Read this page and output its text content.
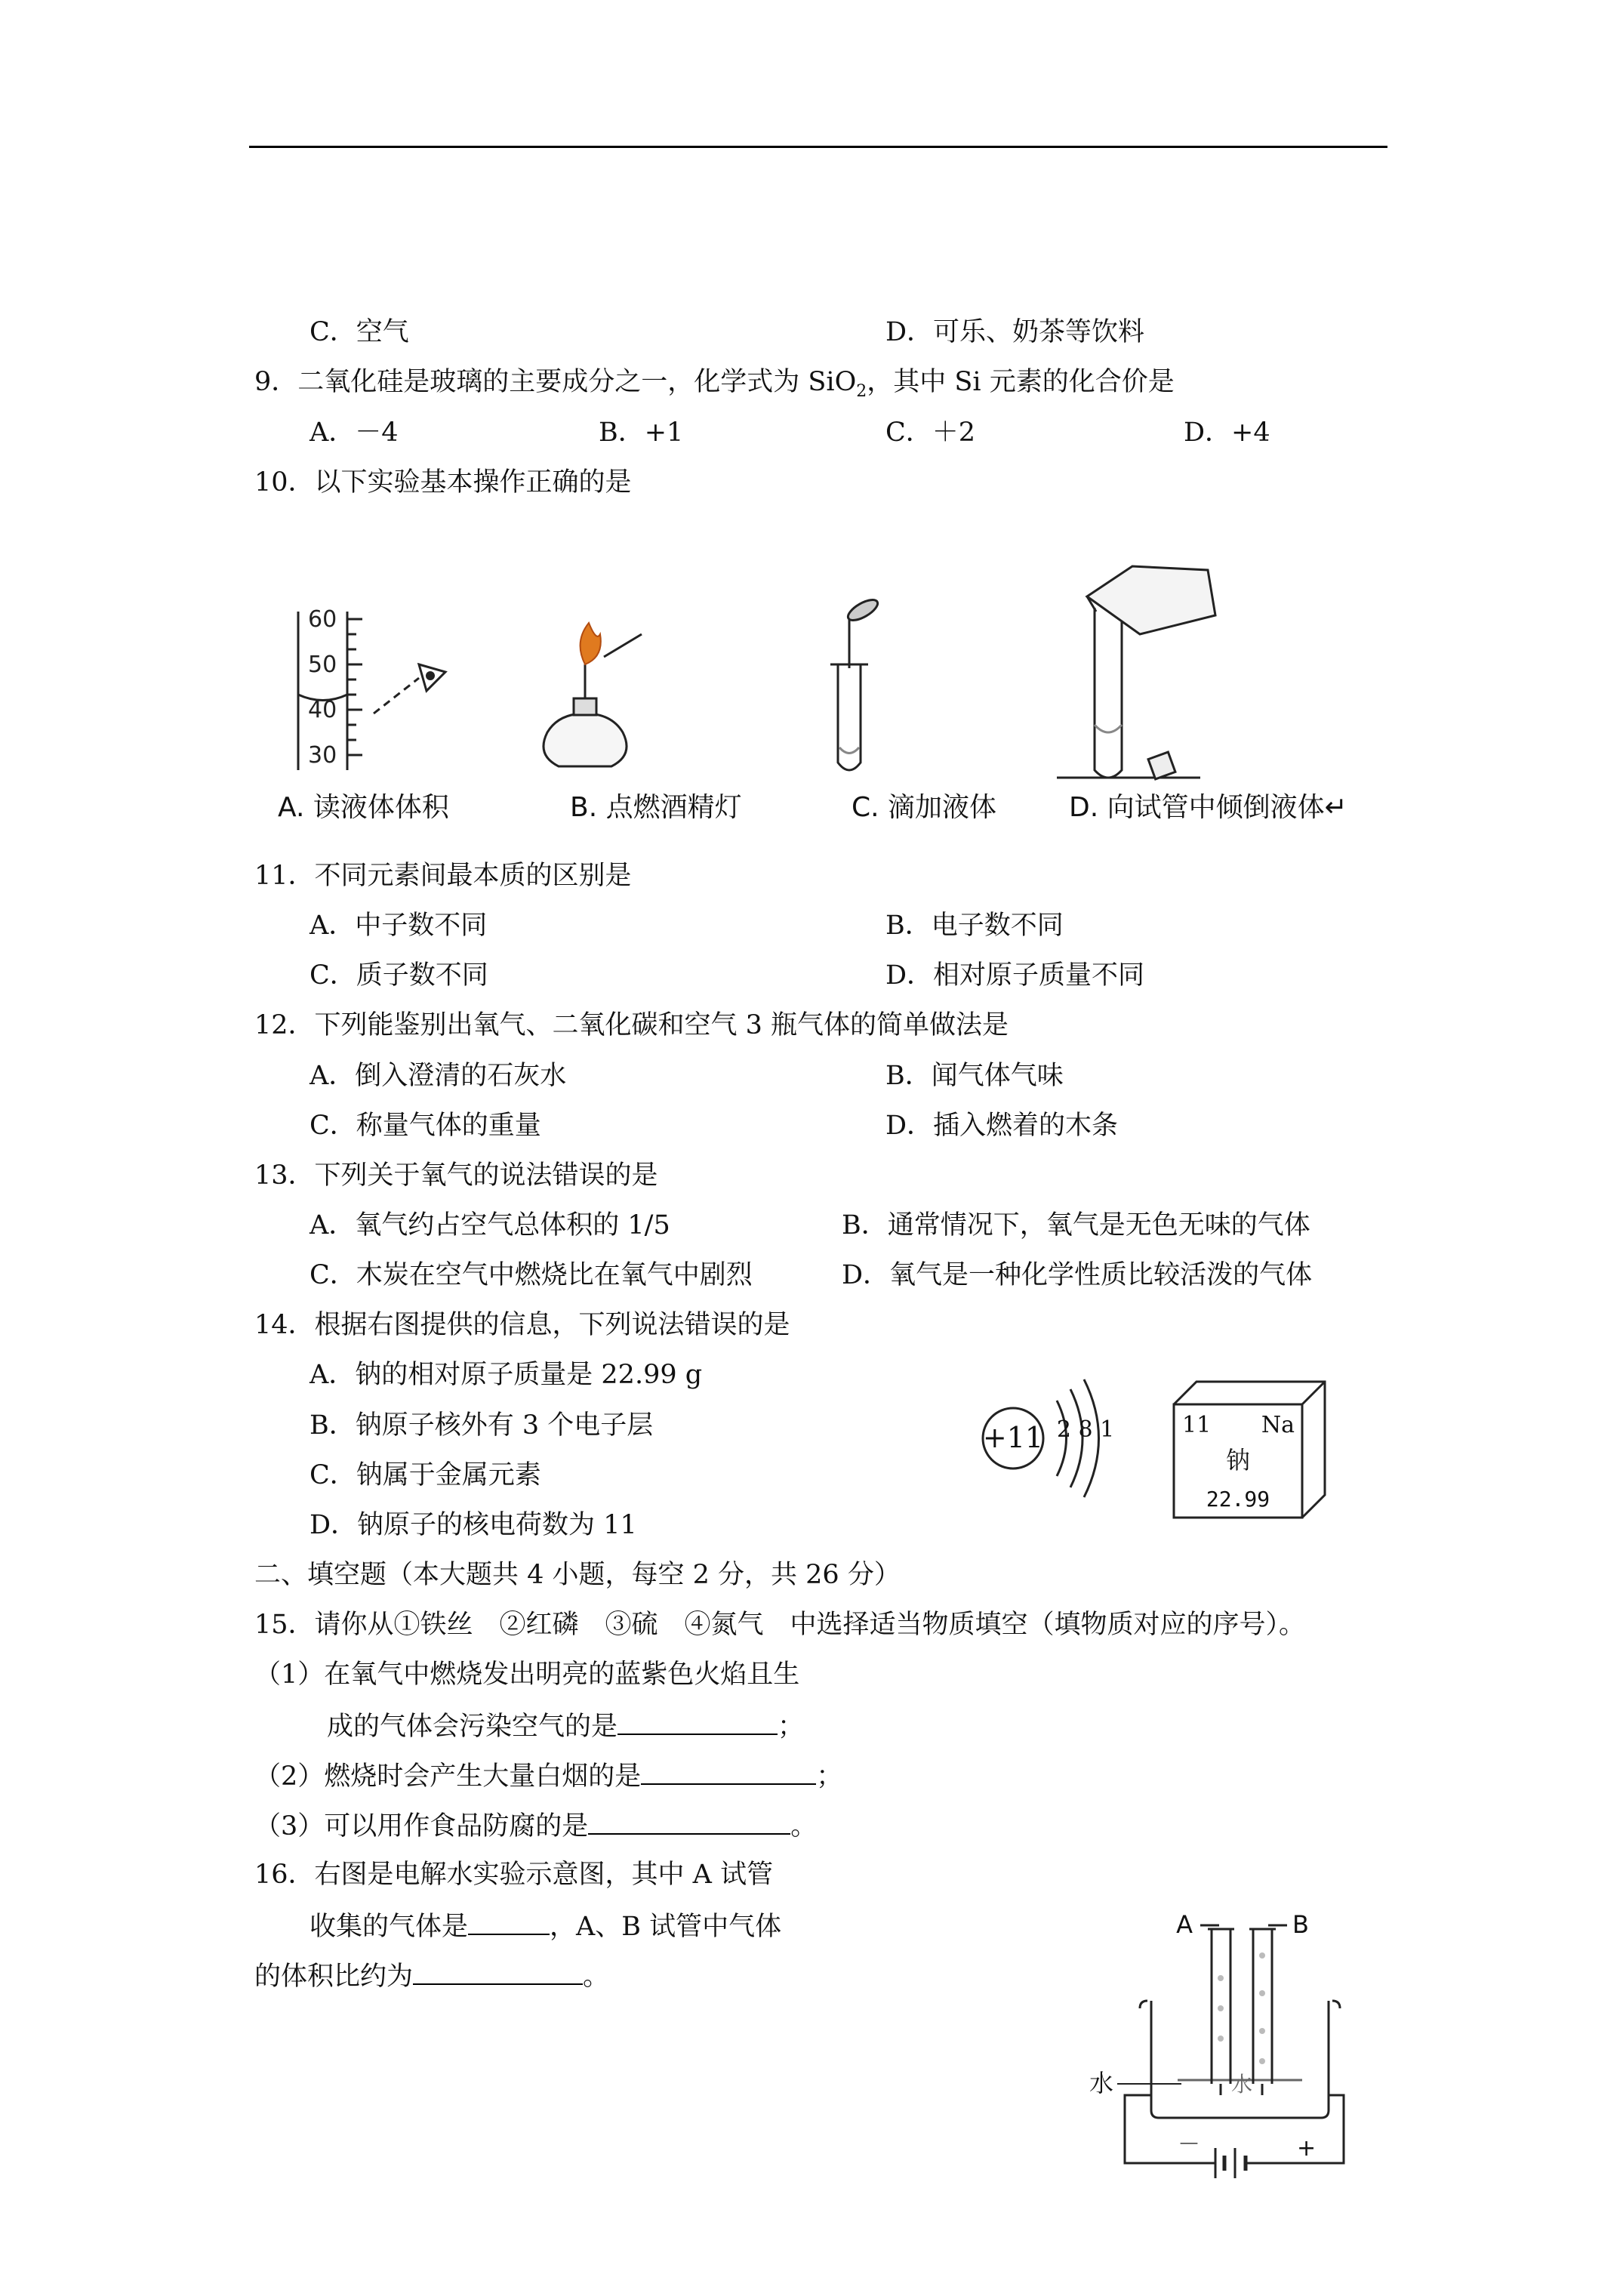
C．空气	D．可乐、奶茶等饮料
9．二氧化硅是玻璃的主要成分之一，化学式为 SiO$_2$，其中 Si 元素的化合价是
A．－4	B．+1	C．＋2	D．+4
10．以下实验基本操作正确的是
60
50
40
30
A. 读液体体积	B. 点燃酒精灯	C. 滴加液体	D. 向试管中倾倒液体↵
11．不同元素间最本质的区别是
A．中子数不同	B．电子数不同
C．质子数不同	D．相对原子质量不同
12．下列能鉴别出氧气、二氧化碳和空气 3 瓶气体的简单做法是
A．倒入澄清的石灰水	B．闻气体气味
C．称量气体的重量	D．插入燃着的木条
13．下列关于氧气的说法错误的是
A．氧气约占空气总体积的 1/5	B．通常情况下，氧气是无色无味的气体
C．木炭在空气中燃烧比在氧气中剧烈	D．氧气是一种化学性质比较活泼的气体
14．根据右图提供的信息，下列说法错误的是
A．钠的相对原子质量是 22.99 g
B．钠原子核外有 3 个电子层
C．钠属于金属元素
D．钠原子的核电荷数为 11
+11 2 8 1	11 Na
钠
22.99
二、填空题（本大题共 4 小题，每空 2 分，共 26 分）
15．请你从①铁丝　②红磷　③硫　④氮气　中选择适当物质填空（填物质对应的序号）。
（1）在氧气中燃烧发出明亮的蓝紫色火焰且生
成的气体会污染空气的是	；
（2）燃烧时会产生大量白烟的是	；
（3）可以用作食品防腐的是	。
16．右图是电解水实验示意图，其中 A 试管
收集的气体是	，A、B 试管中气体
的体积比约为	。
A	B
水	水
－	+
